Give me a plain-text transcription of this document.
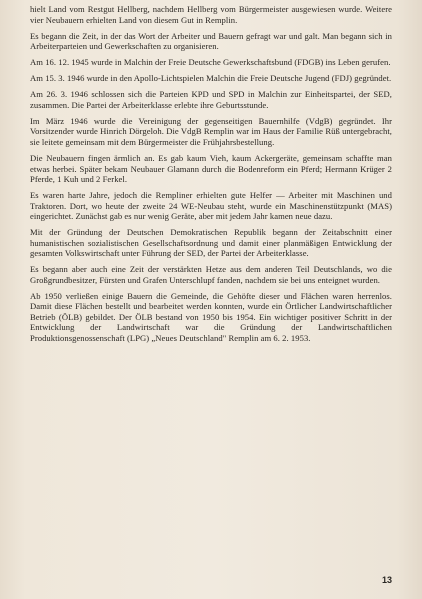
hielt Land vom Restgut Hellberg, nachdem Hellberg vom Bürgermeister ausgewiesen wurde. Weitere vier Neubauern erhielten Land von diesem Gut in Remplin.

Es begann die Zeit, in der das Wort der Arbeiter und Bauern gefragt war und galt. Man begann sich in Arbeiterparteien und Gewerkschaften zu organisieren.

Am 16. 12. 1945 wurde in Malchin der Freie Deutsche Gewerkschaftsbund (FDGB) ins Leben gerufen.

Am 15. 3. 1946 wurde in den Apollo-Lichtspielen Malchin die Freie Deutsche Jugend (FDJ) gegründet.

Am 26. 3. 1946 schlossen sich die Parteien KPD und SPD in Malchin zur Einheitspartei, der SED, zusammen. Die Partei der Arbeiterklasse erlebte ihre Geburtsstunde.

Im März 1946 wurde die Vereinigung der gegenseitigen Bauernhilfe (VdgB) gegründet. Ihr Vorsitzender wurde Hinrich Dörgeloh. Die VdgB Remplin war im Haus der Familie Rüß untergebracht, sie leitete gemeinsam mit dem Bürgermeister die Frühjahrsbestellung.

Die Neubauern fingen ärmlich an. Es gab kaum Vieh, kaum Ackergeräte, gemeinsam schaffte man etwas herbei. Später bekam Neubauer Glamann durch die Bodenreform ein Pferd; Hermann Krüger 2 Pferde, 1 Kuh und 2 Ferkel.

Es waren harte Jahre, jedoch die Rempliner erhielten gute Helfer — Arbeiter mit Maschinen und Traktoren. Dort, wo heute der zweite 24 WE-Neubau steht, wurde ein Maschinenstützpunkt (MAS) eingerichtet. Zunächst gab es nur wenig Geräte, aber mit jedem Jahr kamen neue dazu.

Mit der Gründung der Deutschen Demokratischen Republik begann der Zeitabschnitt einer humanistischen sozialistischen Gesellschaftsordnung und damit einer planmäßigen Entwicklung der gesamten Volkswirtschaft unter Führung der SED, der Partei der Arbeiterklasse.

Es begann aber auch eine Zeit der verstärkten Hetze aus dem anderen Teil Deutschlands, wo die Großgrundbesitzer, Fürsten und Grafen Unterschlupf fanden, nachdem sie bei uns enteignet wurden.

Ab 1950 verließen einige Bauern die Gemeinde, die Gehöfte dieser und Flächen waren herrenlos. Damit diese Flächen bestellt und bearbeitet werden konnten, wurde ein Örtlicher Landwirtschaftlicher Betrieb (ÖLB) gebildet. Der ÖLB bestand von 1950 bis 1954. Ein wichtiger positiver Schritt in der Entwicklung der Landwirtschaft war die Gründung der Landwirtschaftlichen Produktionsgenossenschaft (LPG) „Neues Deutschland" Remplin am 6. 2. 1953.

13
